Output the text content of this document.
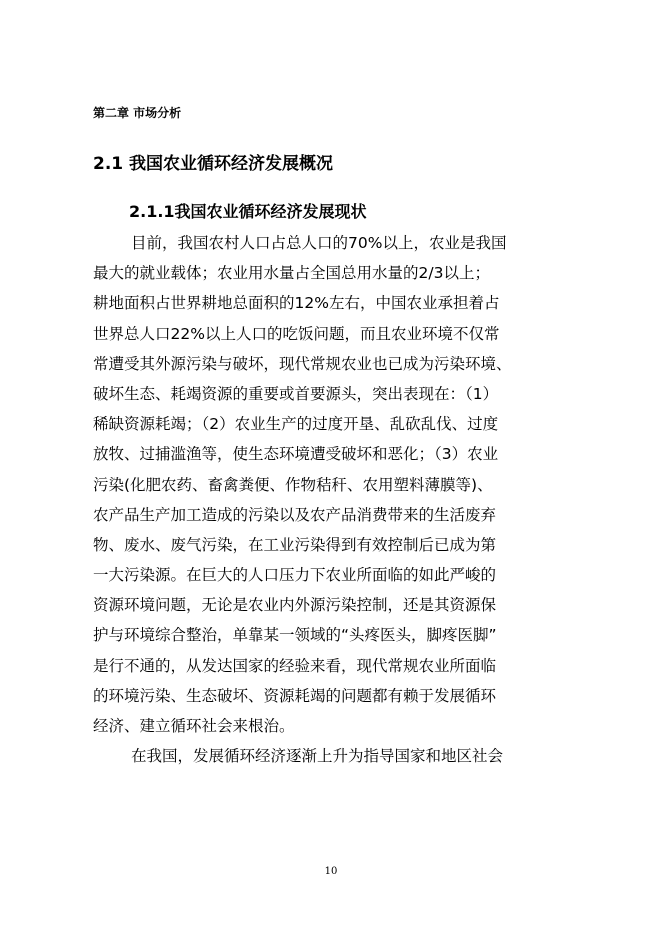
第二章 市场分析
2.1 我国农业循环经济发展概况
2.1.1我国农业循环经济发展现状
目前，我国农村人口占总人口的70%以上，农业是我国
最大的就业载体；农业用水量占全国总用水量的2/3以上；
耕地面积占世界耕地总面积的12%左右，中国农业承担着占
世界总人口22%以上人口的吃饭问题，而且农业环境不仅常
常遭受其外源污染与破坏，现代常规农业也已成为污染环境、
破坏生态、耗竭资源的重要或首要源头，突出表现在：（1）
稀缺资源耗竭；（2）农业生产的过度开垦、乱砍乱伐、过度
放牧、过捕滥渔等，使生态环境遭受破坏和恶化；（3）农业
污染(化肥农药、畜禽粪便、作物秸秆、农用塑料薄膜等)、
农产品生产加工造成的污染以及农产品消费带来的生活废弃
物、废水、废气污染，在工业污染得到有效控制后已成为第
一大污染源。在巨大的人口压力下农业所面临的如此严峻的
资源环境问题，无论是农业内外源污染控制，还是其资源保
护与环境综合整治，单靠某一领域的“头疼医头，脚疼医脚”
是行不通的，从发达国家的经验来看，现代常规农业所面临
的环境污染、生态破坏、资源耗竭的问题都有赖于发展循环
经济、建立循环社会来根治。
在我国，发展循环经济逐渐上升为指导国家和地区社会
10
